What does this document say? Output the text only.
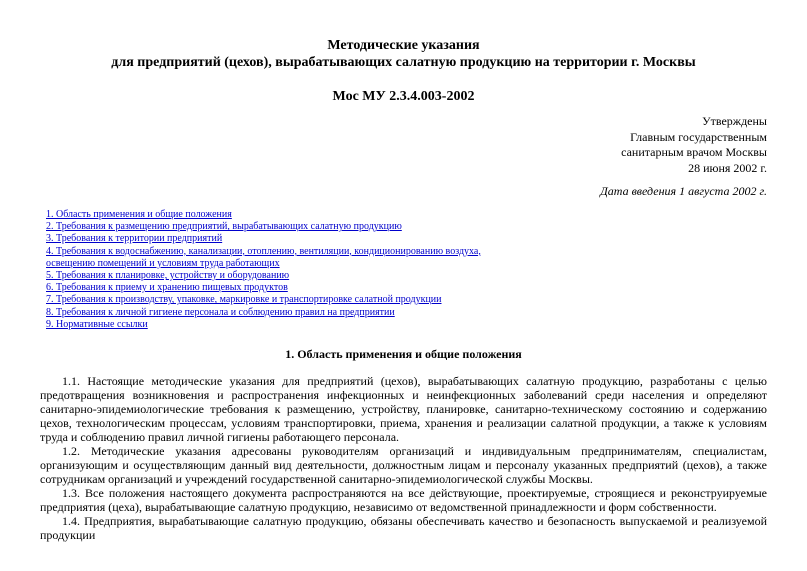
Методические указания
для предприятий (цехов), вырабатывающих салатную продукцию на территории г. Москвы
Мос МУ 2.3.4.003-2002
Утверждены
Главным государственным
санитарным врачом Москвы
28 июня 2002 г.
Дата введения 1 августа 2002 г.
1. Область применения и общие положения
2. Требования к размещению предприятий, вырабатывающих салатную продукцию
3. Требования к территории предприятий
4. Требования к водоснабжению, канализации, отоплению, вентиляции, кондиционированию воздуха,
освещению помещений и условиям труда работающих
5. Требования к планировке, устройству и оборудованию
6. Требования к приему и хранению пищевых продуктов
7. Требования к производству, упаковке, маркировке и транспортировке салатной продукции
8. Требования к личной гигиене персонала и соблюдению правил на предприятии
9. Нормативные ссылки
1. Область применения и общие положения

1.1. Настоящие методические указания для предприятий (цехов), вырабатывающих салатную продукцию, разработаны с целью предотвращения возникновения и распространения инфекционных и неинфекционных заболеваний среди населения и определяют санитарно-эпидемиологические требования к размещению, устройству, планировке, санитарно-техническому состоянию и содержанию цехов, технологическим процессам, условиям транспортировки, приема, хранения и реализации салатной продукции, а также к условиям труда и соблюдению правил личной гигиены работающего персонала.

1.2. Методические указания адресованы руководителям организаций и индивидуальным предпринимателям, специалистам, организующим и осуществляющим данный вид деятельности, должностным лицам и персоналу указанных предприятий (цехов), а также сотрудникам организаций и учреждений государственной санитарно-эпидемиологической службы Москвы.

1.3. Все положения настоящего документа распространяются на все действующие, проектируемые, строящиеся и реконструируемые предприятия (цеха), вырабатывающие салатную продукцию, независимо от ведомственной принадлежности и форм собственности.

1.4. Предприятия, вырабатывающие салатную продукцию, обязаны обеспечивать качество и безопасность выпускаемой и реализуемой продукции
